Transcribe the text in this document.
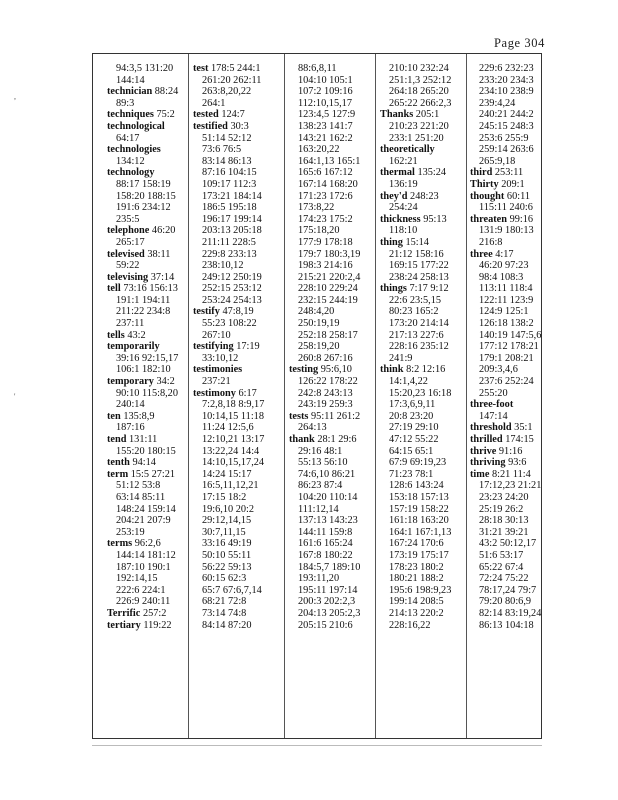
Page 304
,
'
94:3,5 131:20
144:14
technician 88:24
89:3
techniques 75:2
technological
64:17
technologies
134:12
technology
88:17 158:19
158:20 188:15
191:6 234:12
235:5
telephone 46:20
265:17
televised 38:11
59:22
televising 37:14
tell 73:16 156:13
191:1 194:11
211:22 234:8
237:11
tells 43:2
temporarily
39:16 92:15,17
106:1 182:10
temporary 34:2
90:10 115:8,20
240:14
ten 135:8,9
187:16
tend 131:11
155:20 180:15
tenth 94:14
term 15:5 27:21
51:12 53:8
63:14 85:11
148:24 159:14
204:21 207:9
253:19
terms 96:2,6
144:14 181:12
187:10 190:1
192:14,15
222:6 224:1
226:9 240:11
Terrific 257:2
tertiary 119:22
test 178:5 244:1
261:20 262:11
263:8,20,22
264:1
tested 124:7
testified 30:3
51:14 52:12
73:6 76:5
83:14 86:13
87:16 104:15
109:17 112:3
173:21 184:14
186:5 195:18
196:17 199:14
203:13 205:18
211:11 228:5
229:8 233:13
238:10,12
249:12 250:19
252:15 253:12
253:24 254:13
testify 47:8,19
55:23 108:22
267:10
testifying 17:19
33:10,12
testimonies
237:21
testimony 6:17
7:2,8,18 8:9,17
10:14,15 11:18
11:24 12:5,6
12:10,21 13:17
13:22,24 14:4
14:10,15,17,24
14:24 15:17
16:5,11,12,21
17:15 18:2
19:6,10 20:2
29:12,14,15
30:7,11,15
33:16 49:19
50:10 55:11
56:22 59:13
60:15 62:3
65:7 67:6,7,14
68:21 72:8
73:14 74:8
84:14 87:20
88:6,8,11
104:10 105:1
107:2 109:16
112:10,15,17
123:4,5 127:9
138:23 141:7
143:21 162:2
163:20,22
164:1,13 165:1
165:6 167:12
167:14 168:20
171:23 172:6
173:8,22
174:23 175:2
175:18,20
177:9 178:18
179:7 180:3,19
198:3 214:16
215:21 220:2,4
228:10 229:24
232:15 244:19
248:4,20
250:19,19
252:18 258:17
258:19,20
260:8 267:16
testing 95:6,10
126:22 178:22
242:8 243:13
243:19 259:3
tests 95:11 261:2
264:13
thank 28:1 29:6
29:16 48:1
55:13 56:10
74:6,10 86:21
86:23 87:4
104:20 110:14
111:12,14
137:13 143:23
144:11 159:8
161:6 165:24
167:8 180:22
184:5,7 189:10
193:11,20
195:11 197:14
200:3 202:2,3
204:13 205:2,3
205:15 210:6
210:10 232:24
251:1,3 252:12
264:18 265:20
265:22 266:2,3
Thanks 205:1
210:23 221:20
233:1 251:20
theoretically
162:21
thermal 135:24
136:19
they'd 248:23
254:24
thickness 95:13
118:10
thing 15:14
21:12 158:16
169:15 177:22
238:24 258:13
things 7:17 9:12
22:6 23:5,15
80:23 165:2
173:20 214:14
217:13 227:6
228:16 235:12
241:9
think 8:2 12:16
14:1,4,22
15:20,23 16:18
17:3,6,9,11
20:8 23:20
27:19 29:10
47:12 55:22
64:15 65:1
67:9 69:19,23
71:23 78:1
128:6 143:24
153:18 157:13
157:19 158:22
161:18 163:20
164:1 167:1,13
167:24 170:6
173:19 175:17
178:23 180:2
180:21 188:2
195:6 198:9,23
199:14 208:5
214:13 220:2
228:16,22
229:6 232:23
233:20 234:3
234:10 238:9
239:4,24
240:21 244:2
245:15 248:3
253:6 255:9
259:14 263:6
265:9,18
third 253:11
Thirty 209:1
thought 60:11
115:11 240:6
threaten 99:16
131:9 180:13
216:8
three 4:17
46:20 97:23
98:4 108:3
113:11 118:4
122:11 123:9
124:9 125:1
126:18 138:2
140:19 147:5,6
177:12 178:21
179:1 208:21
209:3,4,6
237:6 252:24
255:20
three-foot
147:14
threshold 35:1
thrilled 174:15
thrive 91:16
thriving 93:6
time 8:21 11:4
17:12,23 21:21
23:23 24:20
25:19 26:2
28:18 30:13
31:21 39:21
43:2 50:12,17
51:6 53:17
65:22 67:4
72:24 75:22
78:17,24 79:7
79:20 80:6,9
82:14 83:19,24
86:13 104:18
